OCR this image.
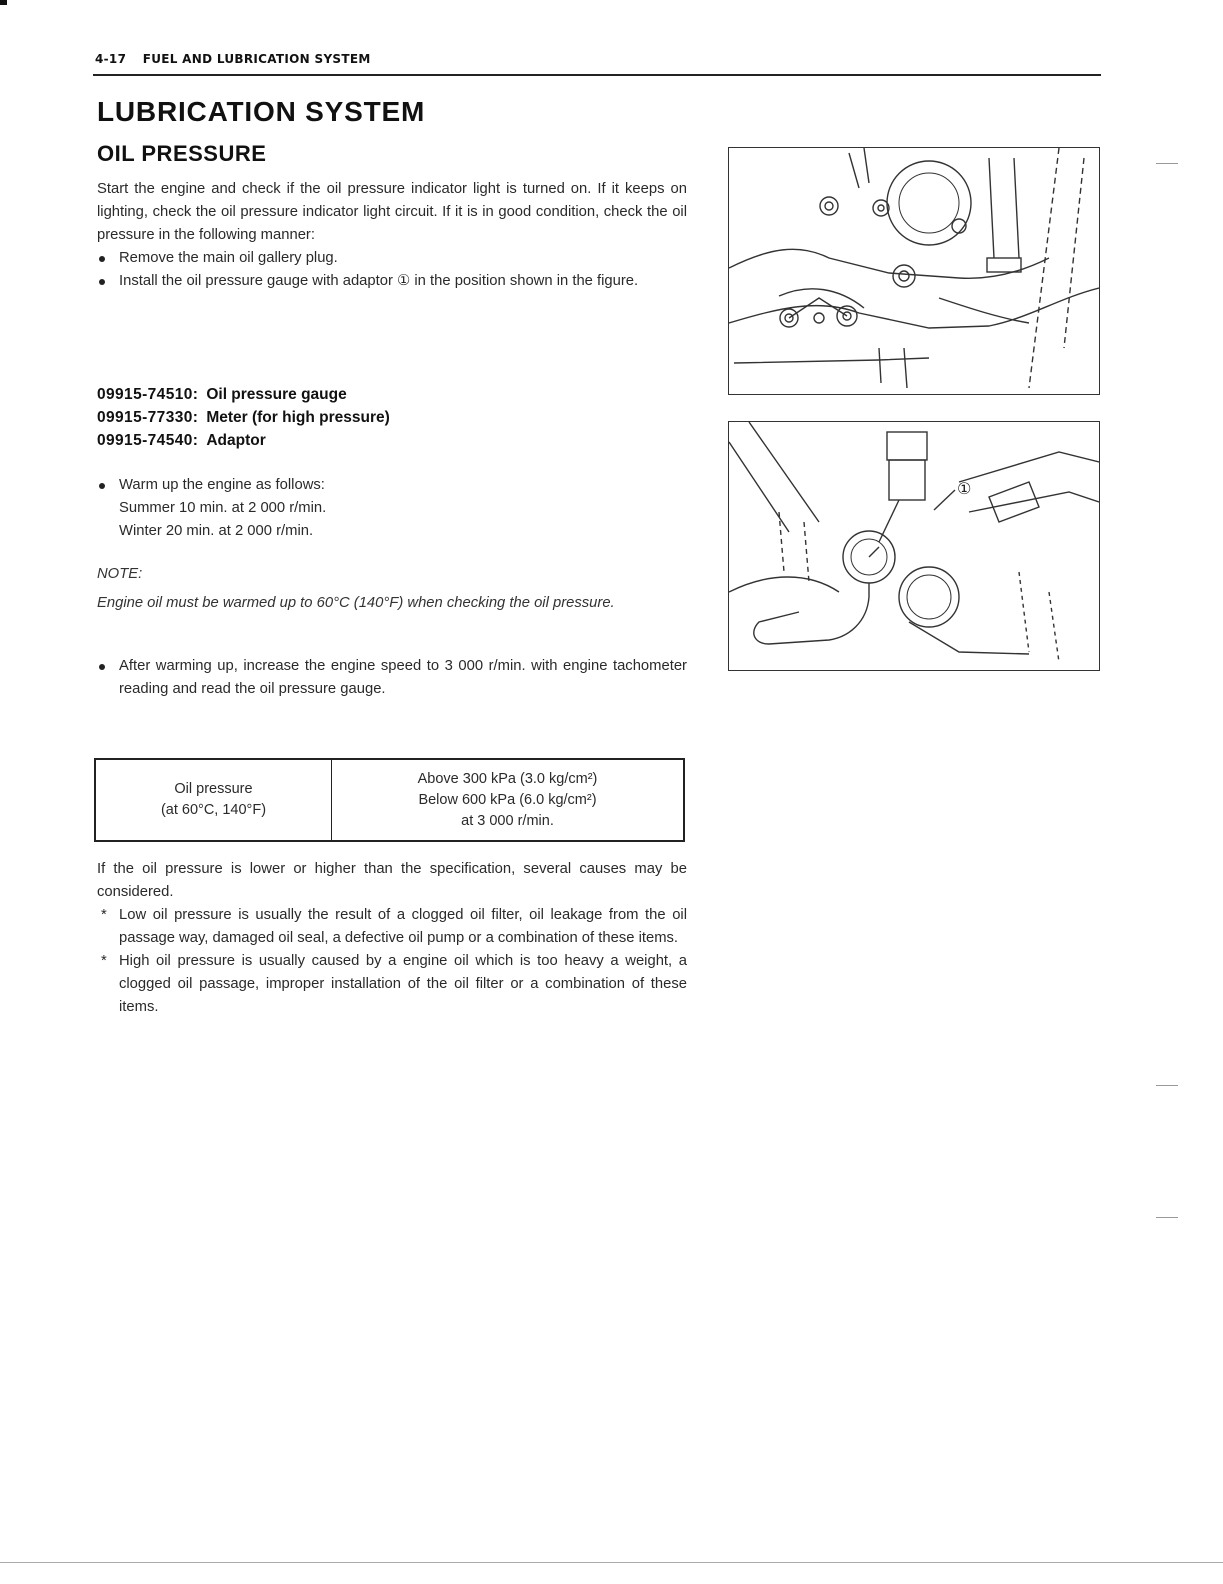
4-17 FUEL AND LUBRICATION SYSTEM
LUBRICATION SYSTEM
OIL PRESSURE

Start the engine and check if the oil pressure indicator light is turned on. If it keeps on lighting, check the oil pressure indicator light circuit. If it is in good condition, check the oil pressure in the following manner:

Remove the main oil gallery plug.
Install the oil pressure gauge with adaptor ① in the position shown in the figure.
09915-74510: Oil pressure gauge
09915-77330: Meter (for high pressure)
09915-74540: Adaptor
Warm up the engine as follows:
Summer 10 min. at 2 000 r/min.
Winter 20 min. at 2 000 r/min.
NOTE:
Engine oil must be warmed up to 60°C (140°F) when checking the oil pressure.
After warming up, increase the engine speed to 3 000 r/min. with engine tachometer reading and read the oil pressure gauge.
Oil pressure
(at 60°C, 140°F)

Above 300 kPa (3.0 kg/cm²)
Below 600 kPa (6.0 kg/cm²)
at 3 000 r/min.

If the oil pressure is lower or higher than the specification, several causes may be considered.

* Low oil pressure is usually the result of a clogged oil filter, oil leakage from the oil passage way, damaged oil seal, a defective oil pump or a combination of these items.
* High oil pressure is usually caused by a engine oil which is too heavy a weight, a clogged oil passage, improper installation of the oil filter or a combination of these items.
①
